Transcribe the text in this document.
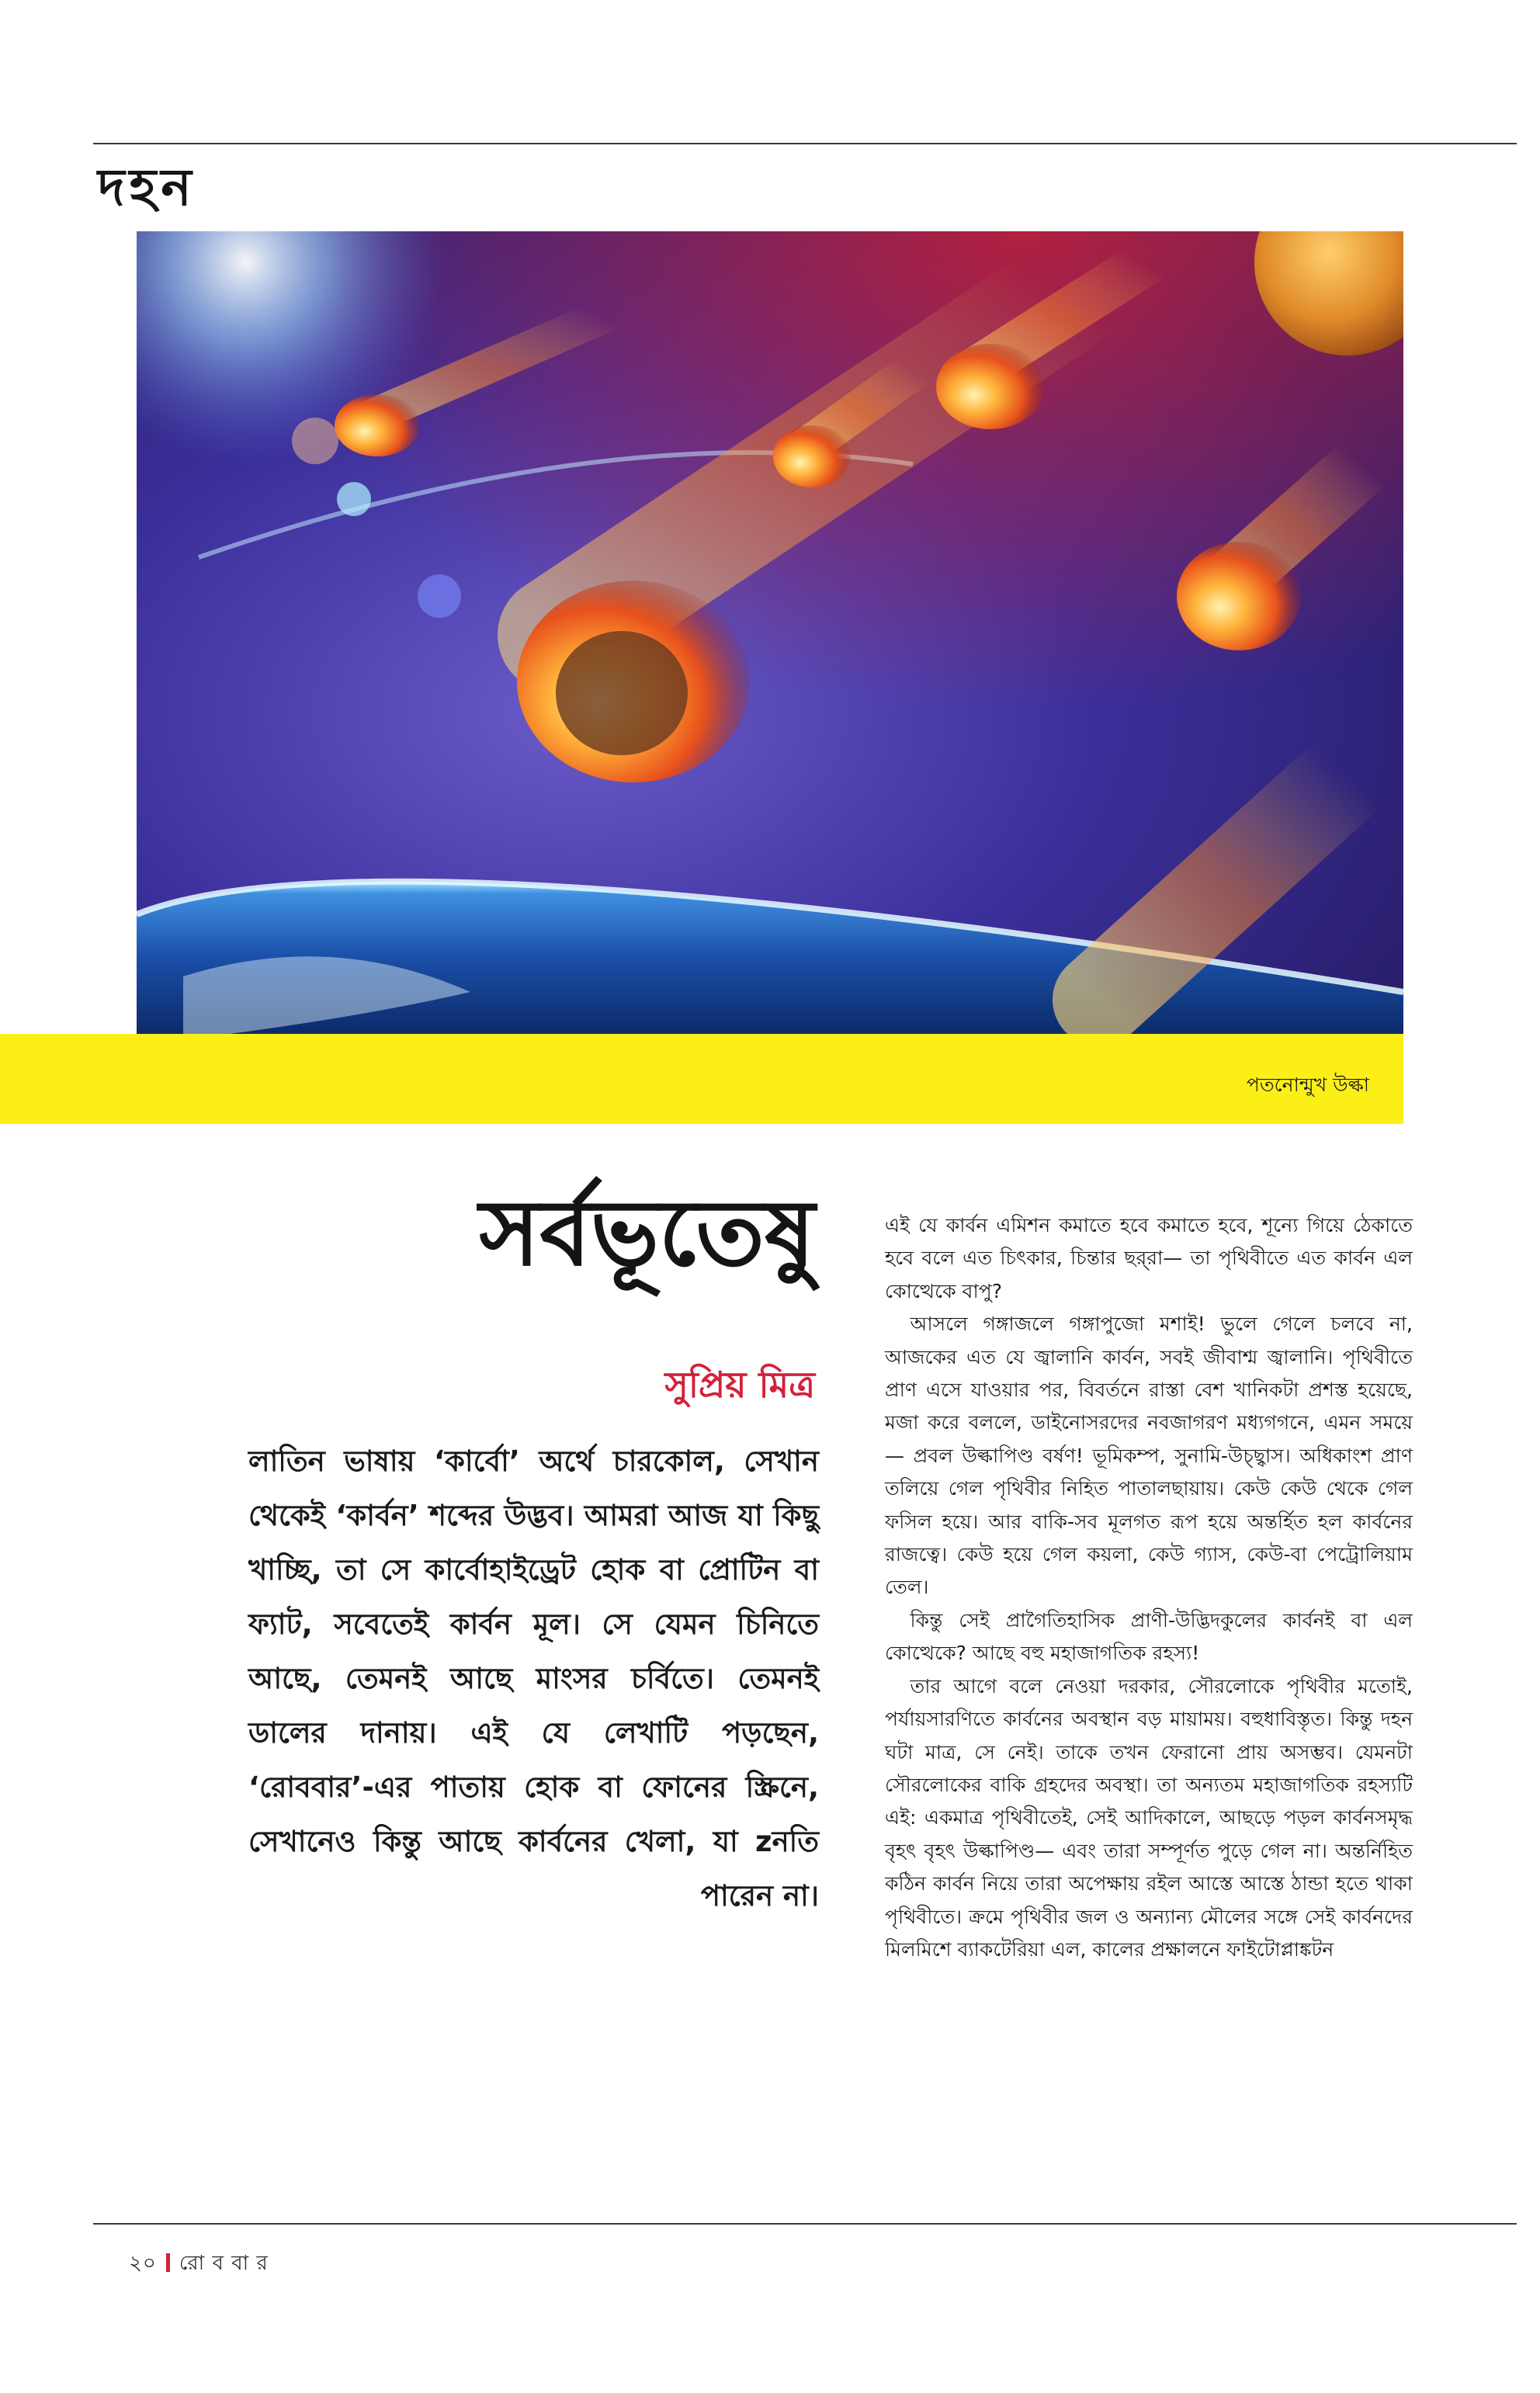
দহন
পতনোন্মুখ উল্কা
সর্বভূতেষু
সুপ্রিয় মিত্র

লাতিন ভাষায় ‘কার্বো’ অর্থে চারকোল, সেখান থেকেই ‘কার্বন’ শব্দের উদ্ভব। আমরা আজ যা কিছু খাচ্ছি, তা সে কার্বোহাইড্রেট হোক বা প্রোটিন বা ফ্যাট, সবেতেই কার্বন মূল। সে যেমন চিনিতে আছে, তেমনই আছে মাংসর চর্বিতে। তেমনই ডালের দানায়। এই যে লেখাটি পড়ছেন, ‘রোববার’-এর পাতায় হোক বা ফোনের স্ক্রিনে, সেখানেও কিন্তু আছে কার্বনের খেলা, যা zনতি পারেন না।

এই যে কার্বন এমিশন কমাতে হবে কমাতে হবে, শূন্যে গিয়ে ঠেকাতে হবে বলে এত চিৎকার, চিন্তার ছর্‌রা— তা পৃথিবীতে এত কার্বন এল কোত্থেকে বাপু?

আসলে গঙ্গাজলে গঙ্গাপুজো মশাই! ভুলে গেলে চলবে না, আজকের এত যে জ্বালানি কার্বন, সবই জীবাশ্ম জ্বালানি। পৃথিবীতে প্রাণ এসে যাওয়ার পর, বিবর্তনে রাস্তা বেশ খানিকটা প্রশস্ত হয়েছে, মজা করে বললে, ডাইনোসরদের নবজাগরণ মধ্যগগনে, এমন সময়ে— প্রবল উল্কাপিণ্ড বর্ষণ! ভূমিকম্প, সুনামি-উচ্ছ্বাস। অধিকাংশ প্রাণ তলিয়ে গেল পৃথিবীর নিহিত পাতালছায়ায়। কেউ কেউ থেকে গেল ফসিল হয়ে। আর বাকি-সব মূলগত রূপ হয়ে অন্তর্হিত হল কার্বনের রাজত্বে। কেউ হয়ে গেল কয়লা, কেউ গ্যাস, কেউ-বা পেট্রোলিয়াম তেল।

কিন্তু সেই প্রাগৈতিহাসিক প্রাণী-উদ্ভিদকুলের কার্বনই বা এল কোত্থেকে? আছে বহু মহাজাগতিক রহস্য!

তার আগে বলে নেওয়া দরকার, সৌরলোকে পৃথিবীর মতোই, পর্যায়সারণিতে কার্বনের অবস্থান বড় মায়াময়। বহুধাবিস্তৃত। কিন্তু দহন ঘটা মাত্র, সে নেই। তাকে তখন ফেরানো প্রায় অসম্ভব। যেমনটা সৌরলোকের বাকি গ্রহদের অবস্থা। তা অন্যতম মহাজাগতিক রহস্যটি এই: একমাত্র পৃথিবীতেই, সেই আদিকালে, আছড়ে পড়ল কার্বনসমৃদ্ধ বৃহৎ বৃহৎ উল্কাপিণ্ড— এবং তারা সম্পূর্ণত পুড়ে গেল না। অন্তর্নিহিত কঠিন কার্বন নিয়ে তারা অপেক্ষায় রইল আস্তে আস্তে ঠান্ডা হতে থাকা পৃথিবীতে। ক্রমে পৃথিবীর জল ও অন্যান্য মৌলের সঙ্গে সেই কার্বনদের মিলমিশে ব্যাকটেরিয়া এল, কালের প্রক্ষালনে ফাইটোপ্লাঙ্কটন

২০ রো ব বা র
